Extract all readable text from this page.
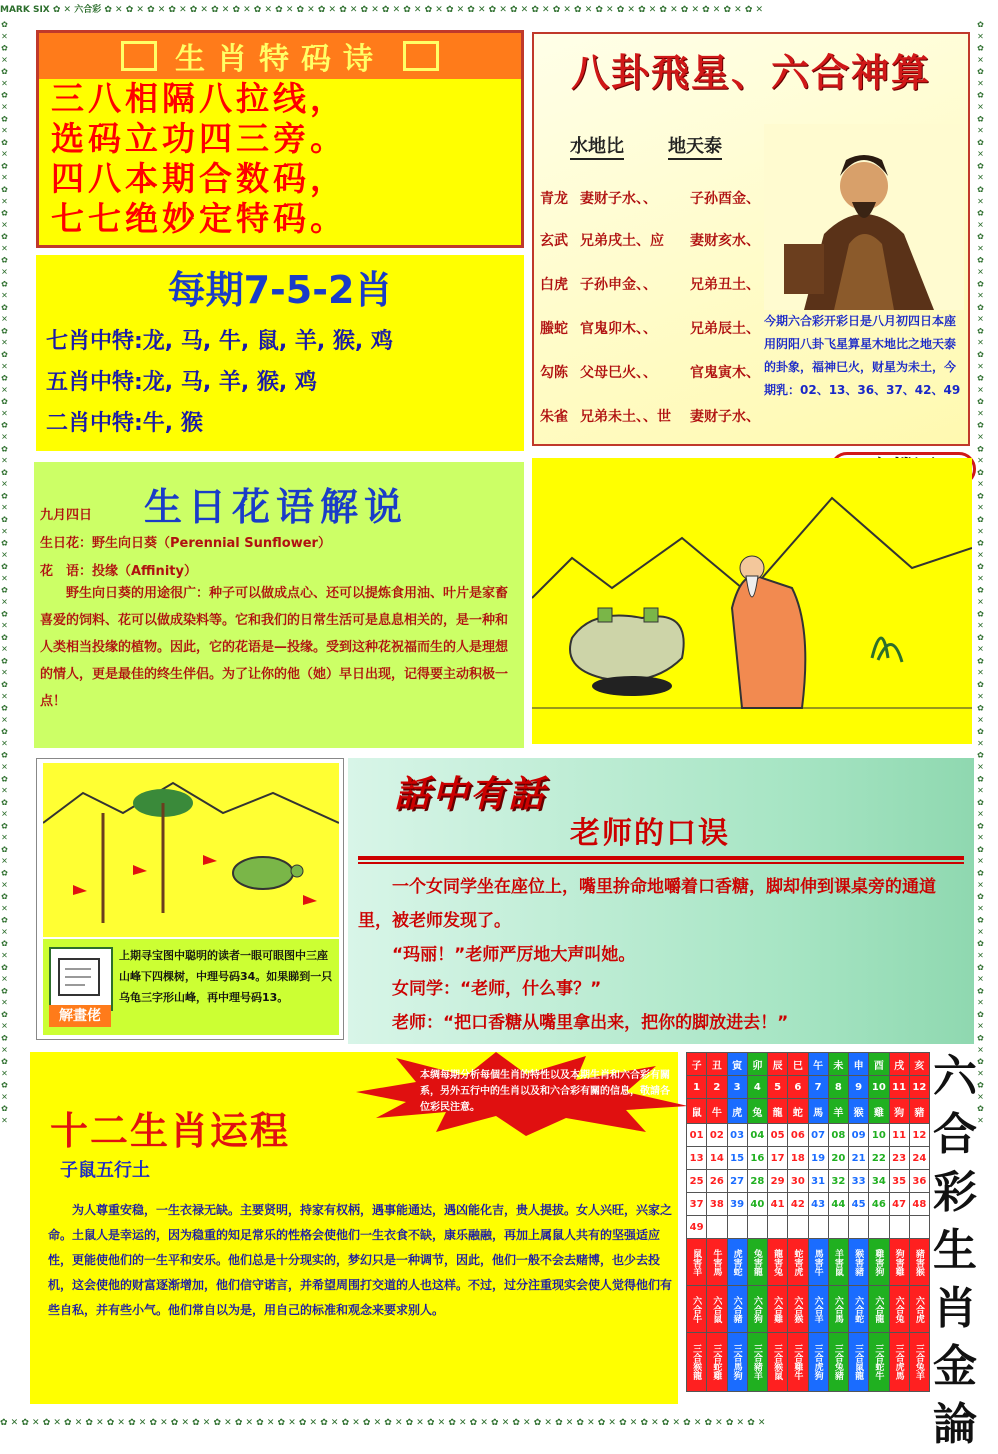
MARK SIX ✿ ✕ 六合彩 ✿ ✕ ✿ ✕ ✿ ✕ ✿ ✕ ✿ ✕ ✿ ✕ ✿ ✕ ✿ ✕ ✿ ✕ ✿ ✕ ✿ ✕ ✿ ✕ ✿ ✕ ✿ ✕ ✿ ✕ ✿ ✕ ✿ ✕ ✿ ✕ ✿ ✕ ✿ ✕ ✿ ✕ ✿ ✕ ✿ ✕ ✿ ✕ ✿ ✕ ✿ ✕ ✿ ✕ ✿ ✕ ✿ ✕ ✿ ✕ ✿ ✕
✿ ✕ ✿ ✕ ✿ ✕ ✿ ✕ ✿ ✕ ✿ ✕ ✿ ✕ ✿ ✕ ✿ ✕ ✿ ✕ ✿ ✕ ✿ ✕ ✿ ✕ ✿ ✕ ✿ ✕ ✿ ✕ ✿ ✕ ✿ ✕ ✿ ✕ ✿ ✕ ✿ ✕ ✿ ✕ ✿ ✕ ✿ ✕ ✿ ✕ ✿ ✕ ✿ ✕ ✿ ✕ ✿ ✕ ✿ ✕ ✿ ✕ ✿ ✕ ✿ ✕ ✿ ✕ ✿ ✕ ✿ ✕
✿ ✕ ✿ ✕ ✿ ✕ ✿ ✕ ✿ ✕ ✿ ✕ ✿ ✕ ✿ ✕ ✿ ✕ ✿ ✕ ✿ ✕ ✿ ✕ ✿ ✕ ✿ ✕ ✿ ✕ ✿ ✕ ✿ ✕ ✿ ✕ ✿ ✕ ✿ ✕ ✿ ✕ ✿ ✕ ✿ ✕ ✿ ✕ ✿ ✕ ✿ ✕ ✿ ✕ ✿ ✕ ✿ ✕ ✿ ✕ ✿ ✕ ✿ ✕ ✿ ✕ ✿ ✕ ✿ ✕ ✿ ✕ ✿ ✕ ✿ ✕ ✿ ✕ ✿ ✕ ✿ ✕ ✿ ✕ ✿ ✕ ✿ ✕ ✿ ✕ ✿ ✕ ✿ ✕	✿ ✕ ✿ ✕ ✿ ✕ ✿ ✕ ✿ ✕ ✿ ✕ ✿ ✕ ✿ ✕ ✿ ✕ ✿ ✕ ✿ ✕ ✿ ✕ ✿ ✕ ✿ ✕ ✿ ✕ ✿ ✕ ✿ ✕ ✿ ✕ ✿ ✕ ✿ ✕ ✿ ✕ ✿ ✕ ✿ ✕ ✿ ✕ ✿ ✕ ✿ ✕ ✿ ✕ ✿ ✕ ✿ ✕ ✿ ✕ ✿ ✕ ✿ ✕ ✿ ✕ ✿ ✕ ✿ ✕ ✿ ✕ ✿ ✕ ✿ ✕ ✿ ✕ ✿ ✕ ✿ ✕ ✿ ✕ ✿ ✕ ✿ ✕ ✿ ✕ ✿ ✕ ✿ ✕
生肖特码诗
三八相隔八拉线，
选码立功四三旁。
四八本期合数码，
七七绝妙定特码。
每期7-5-2肖
七肖中特:龙, 马, 牛, 鼠, 羊, 猴, 鸡
五肖中特:龙, 马, 羊, 猴, 鸡
二肖中特:牛, 猴
八卦飛星、六合神算
水地比 地天泰
青龙 妻财子水、、 子孙酉金、
玄武 兄弟戌土、应 妻财亥水、
白虎 子孙申金、、 兄弟丑土、
螣蛇 官鬼卯木、、 兄弟辰土、
勾陈 父母巳火、、 官鬼寅木、
朱雀 兄弟未土、、世 妻财子水、
今期六合彩开彩日是八月初四日本座用阴阳八卦飞星算星木地比之地天泰的卦象，福神巳火，财星为未土，今期乳：02、13、36、37、42、49
生日花语解说
九月四日
生日花：野生向日葵（Perennial Sunflower）
花　语：投缘（Affinity）
野生向日葵的用途很广：种子可以做成点心、还可以提炼食用油、叶片是家畜喜爱的饲料、花可以做成染料等。它和我们的日常生活可是息息相关的，是一种和人类相当投缘的植物。因此，它的花语是—投缘。受到这种花祝福而生的人是理想的情人，更是最佳的终生伴侣。为了让你的他（她）早日出现，记得要主动积极一点！
解畫佬
上期寻宝图中聪明的读者一眼可眼图中三座山峰下四棵树，中理号码34。如果睇到一只乌龟三字形山峰，再中理号码13。
話中有話
老师的口误
　　一个女同学坐在座位上，嘴里拚命地嚼着口香糖，脚却伸到课桌旁的通道
里，被老师发现了。
　　“玛丽！”老师严厉地大声叫她。
　　女同学：“老师，什么事？”
　　老师：“把口香糖从嘴里拿出来，把你的脚放进去！”
十二生肖运程
子鼠五行土
为人尊重安稳，一生衣禄无缺。主要贤明，持家有权柄，遇事能通达，遇凶能化吉，贵人提拔。女人兴旺，兴家之命。土鼠人是幸运的，因为稳重的知足常乐的性格会使他们一生衣食不缺，康乐融融，再加上属鼠人共有的坚强适应性，更能使他们的一生平和安乐。他们总是十分现实的，梦幻只是一种调节，因此，他们一般不会去赌博，也少去投机，这会使他的财富逐渐增加，他们信守诺言，并希望周围打交道的人也这样。不过，过分注重现实会使人觉得他们有些自私，并有些小气。他们常自以为是，用自己的标准和观念来要求别人。
本绸每期分析每個生肖的特性以及本期生肖和六合彩有關系，另外五行中的生肖以及和六合彩有關的信息，敬請各位彩民注意。
子	丑	寅	卯	辰	巳	午	未	申	酉	戌	亥
1	2	3	4	5	6	7	8	9	10	11	12
鼠	牛	虎	兔	龍	蛇	馬	羊	猴	雞	狗	豬
01	02	03	04	05	06	07	08	09	10	11	12
13	14	15	16	17	18	19	20	21	22	23	24
25	26	27	28	29	30	31	32	33	34	35	36
37	38	39	40	41	42	43	44	45	46	47	48
49											
鼠害羊	牛害馬	虎害蛇	兔害龍	龍害兔	蛇害虎	馬害牛	羊害鼠	猴害豬	雞害狗	狗害雞	豬害猴
六合牛	六合鼠	六合豬	六合狗	六合雞	六合猴	六合羊	六合馬	六合蛇	六合龍	六合兔	六合虎
三合猴龍	三合蛇雞	三合馬狗	三合豬羊	三合猴鼠	三合雞牛	三合虎狗	三合兔豬	三合鼠龍	三合蛇牛	三合虎馬	三合兔羊
六
合
彩
生
肖
金
論
